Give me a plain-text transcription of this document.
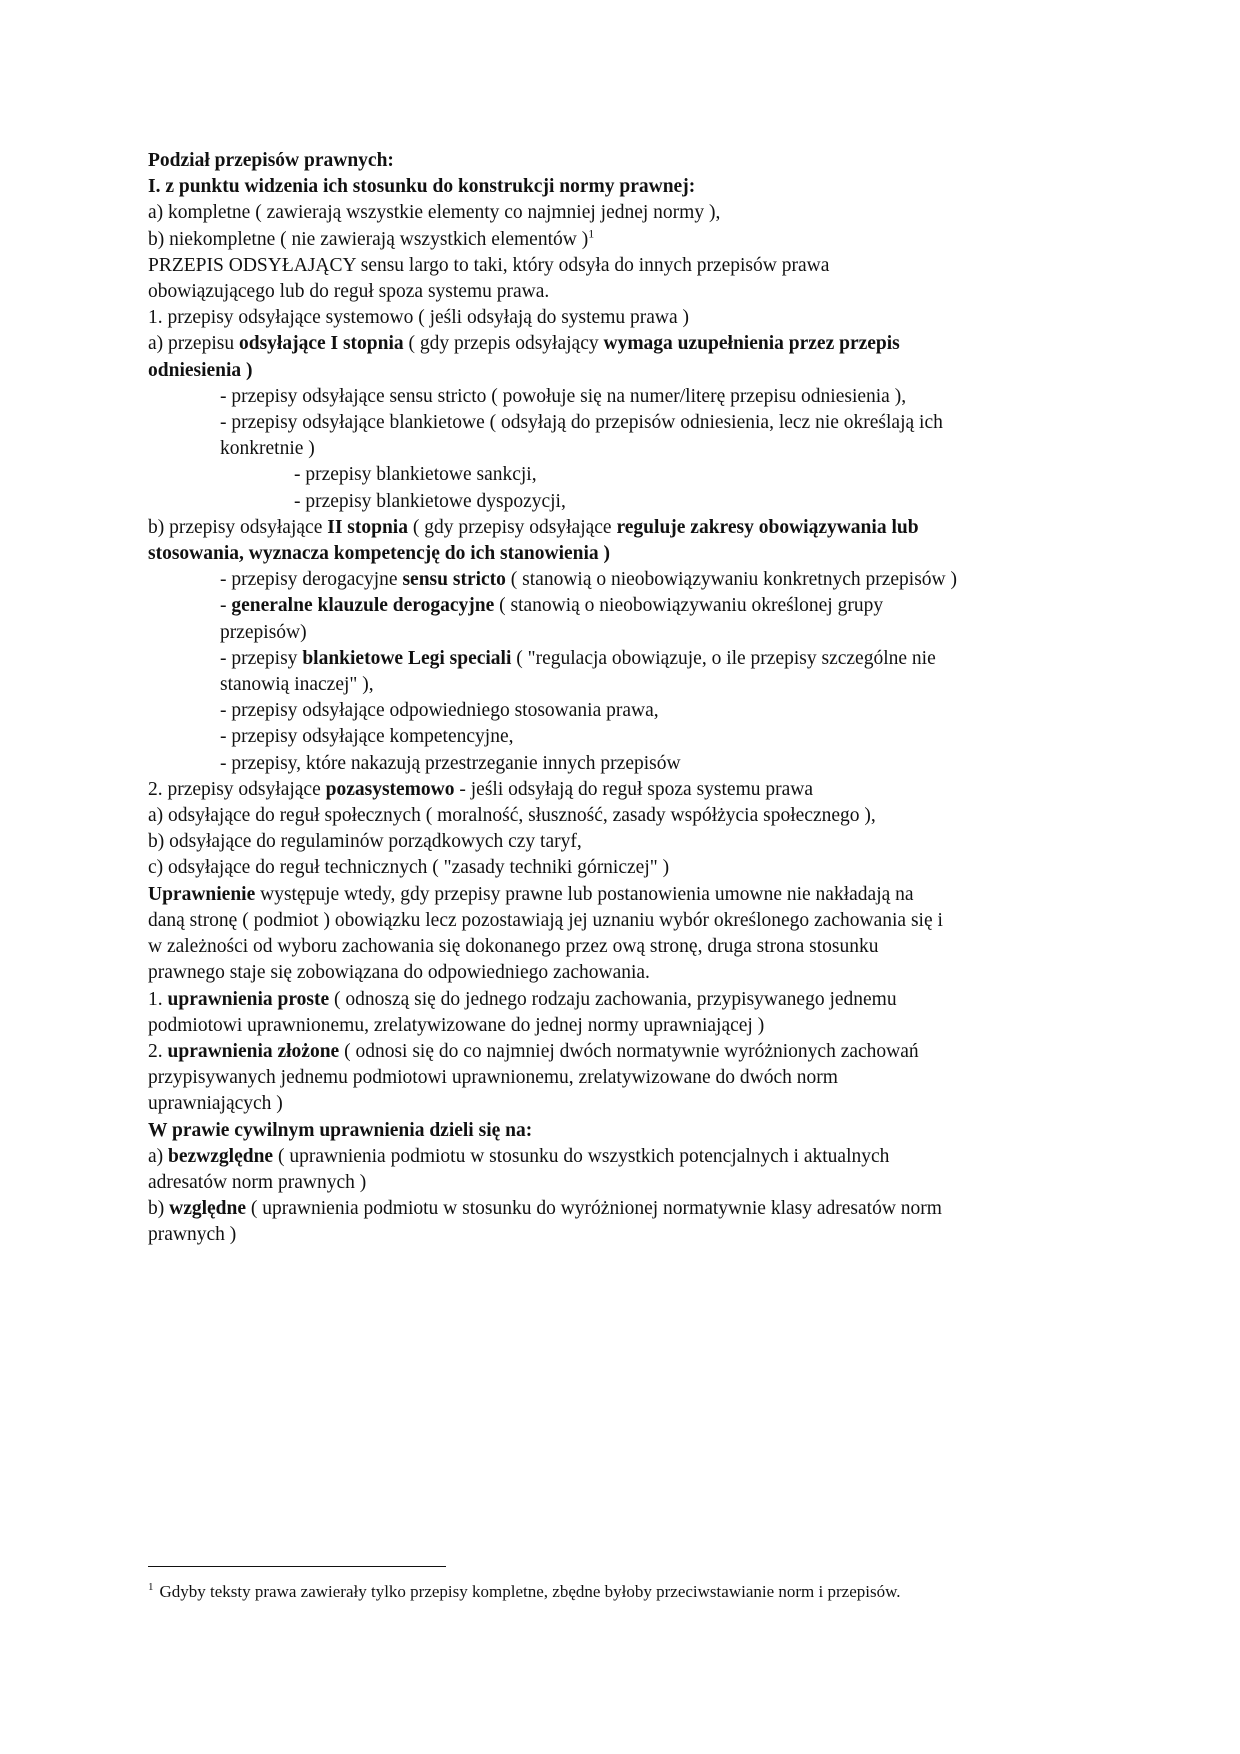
Podział przepisów prawnych:
I. z punktu widzenia ich stosunku do konstrukcji normy prawnej:
a) kompletne ( zawierają wszystkie elementy co najmniej jednej normy ),
b) niekompletne ( nie zawierają wszystkich elementów )$^1$
PRZEPIS ODSYŁAJĄCY sensu largo to taki, który odsyła do innych przepisów prawa
obowiązującego lub do reguł spoza systemu prawa.
1. przepisy odsyłające systemowo ( jeśli odsyłają do systemu prawa )
a) przepisu odsyłające I stopnia ( gdy przepis odsyłający wymaga uzupełnienia przez przepis
odniesienia )
- przepisy odsyłające sensu stricto ( powołuje się na numer/literę przepisu odniesienia ),
- przepisy odsyłające blankietowe ( odsyłają do przepisów odniesienia, lecz nie określają ich
konkretnie )
- przepisy blankietowe sankcji,
- przepisy blankietowe dyspozycji,
b) przepisy odsyłające II stopnia ( gdy przepisy odsyłające reguluje zakresy obowiązywania lub
stosowania, wyznacza kompetencję do ich stanowienia )
- przepisy derogacyjne sensu stricto ( stanowią o nieobowiązywaniu konkretnych przepisów )
- generalne klauzule derogacyjne ( stanowią o nieobowiązywaniu określonej grupy
przepisów)
- przepisy blankietowe Legi speciali ( "regulacja obowiązuje, o ile przepisy szczególne nie
stanowią inaczej" ),
- przepisy odsyłające odpowiedniego stosowania prawa,
- przepisy odsyłające kompetencyjne,
- przepisy, które nakazują przestrzeganie innych przepisów
2. przepisy odsyłające pozasystemowo - jeśli odsyłają do reguł spoza systemu prawa
a) odsyłające do reguł społecznych ( moralność, słuszność, zasady współżycia społecznego ),
b) odsyłające do regulaminów porządkowych czy taryf,
c) odsyłające do reguł technicznych ( "zasady techniki górniczej" )
Uprawnienie występuje wtedy, gdy przepisy prawne lub postanowienia umowne nie nakładają na
daną stronę ( podmiot ) obowiązku lecz pozostawiają jej uznaniu wybór określonego zachowania się i
w zależności od wyboru zachowania się dokonanego przez ową stronę, druga strona stosunku
prawnego staje się zobowiązana do odpowiedniego zachowania.
1. uprawnienia proste ( odnoszą się do jednego rodzaju zachowania, przypisywanego jednemu
podmiotowi uprawnionemu, zrelatywizowane do jednej normy uprawniającej )
2. uprawnienia złożone ( odnosi się do co najmniej dwóch normatywnie wyróżnionych zachowań
przypisywanych jednemu podmiotowi uprawnionemu, zrelatywizowane do dwóch norm
uprawniających )
W prawie cywilnym uprawnienia dzieli się na:
a) bezwzględne ( uprawnienia podmiotu w stosunku do wszystkich potencjalnych i aktualnych
adresatów norm prawnych )
b) względne ( uprawnienia podmiotu w stosunku do wyróżnionej normatywnie klasy adresatów norm
prawnych )
$^1$ Gdyby teksty prawa zawierały tylko przepisy kompletne, zbędne byłoby przeciwstawianie norm i przepisów.
